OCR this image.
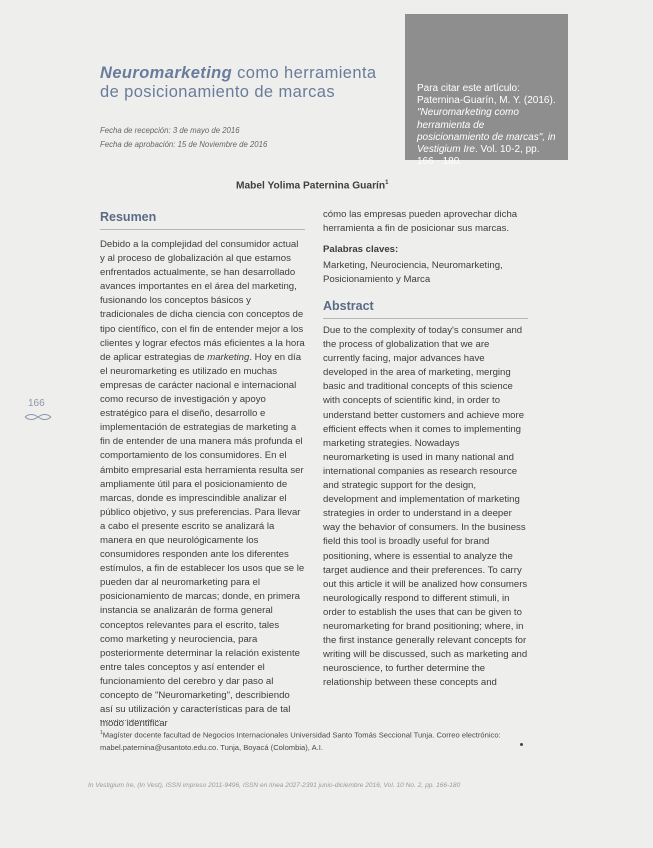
Neuromarketing como herramienta de posicionamiento de marcas	Para citar este artículo: Paternina-Guarín, M. Y. (2016). "Neuromarketing como herramienta de posicionamiento de marcas", in Vestigium Ire. Vol. 10-2, pp. 166 - 180.
Fecha de recepción: 3 de mayo de 2016
Fecha de aprobación: 15 de Noviembre de 2016
Mabel Yolima Paternina Guarín$^1$
Resumen
Debido a la complejidad del consumidor actual y al proceso de globalización al que estamos enfrentados actualmente, se han desarrollado avances importantes en el área del marketing, fusionando los conceptos básicos y tradicionales de dicha ciencia con conceptos de tipo científico, con el fin de entender mejor a los clientes y lograr efectos más eficientes a la hora de aplicar estrategias de marketing. Hoy en día el neuromarketing es utilizado en muchas empresas de carácter nacional e internacional como recurso de investigación y apoyo estratégico para el diseño, desarrollo e implementación de estrategias de marketing a fin de entender de una manera más profunda el comportamiento de los consumidores. En el ámbito empresarial esta herramienta resulta ser ampliamente útil para el posicionamiento de marcas, donde es imprescindible analizar el público objetivo, y sus preferencias. Para llevar a cabo el presente escrito se analizará la manera en que neurológicamente los consumidores responden ante los diferentes estímulos, a fin de establecer los usos que se le pueden dar al neuromarketing para el posicionamiento de marcas; donde, en primera instancia se analizarán de forma general conceptos relevantes para el escrito, tales como marketing y neurociencia, para posteriormente determinar la relación existente entre tales conceptos y así entender el funcionamiento del cerebro y dar paso al concepto de "Neuromarketing", describiendo así su utilización y características para de tal modo identificar
cómo las empresas pueden aprovechar dicha herramienta a fin de posicionar sus marcas.
Palabras claves:
Marketing, Neurociencia, Neuromarketing, Posicionamiento y Marca
Abstract
Due to the complexity of today's consumer and the process of globalization that we are currently facing, major advances have developed in the area of marketing, merging basic and traditional concepts of this science with concepts of scientific kind, in order to understand better customers and achieve more efficient effects when it comes to implementing marketing strategies. Nowadays neuromarketing is used in many national and international companies as research resource and strategic support for the design, development and implementation of marketing strategies in order to understand in a deeper way the behavior of consumers. In the business field this tool is broadly useful for brand positioning, where is essential to analyze the target audience and their preferences. To carry out this article it will be analized how consumers neurologically respond to different stimuli, in order to establish the uses that can be given to neuromarketing for brand positioning; where, in the first instance generally relevant concepts for writing will be discussed, such as marketing and neuroscience, to further determine the relationship between these concepts and
166
$^1$Magíster docente facultad de Negocios Internacionales Universidad Santo Tomás Seccional Tunja. Correo electrónico: mabel.paternina@usantoto.edu.co. Tunja, Boyacá (Colombia), A.I.
In Vestigium Ire, (In Vest), ISSN impreso 2011-9496, ISSN en línea 2027-2391 junio-diciembre 2016, Vol. 10 No. 2, pp. 166-180
